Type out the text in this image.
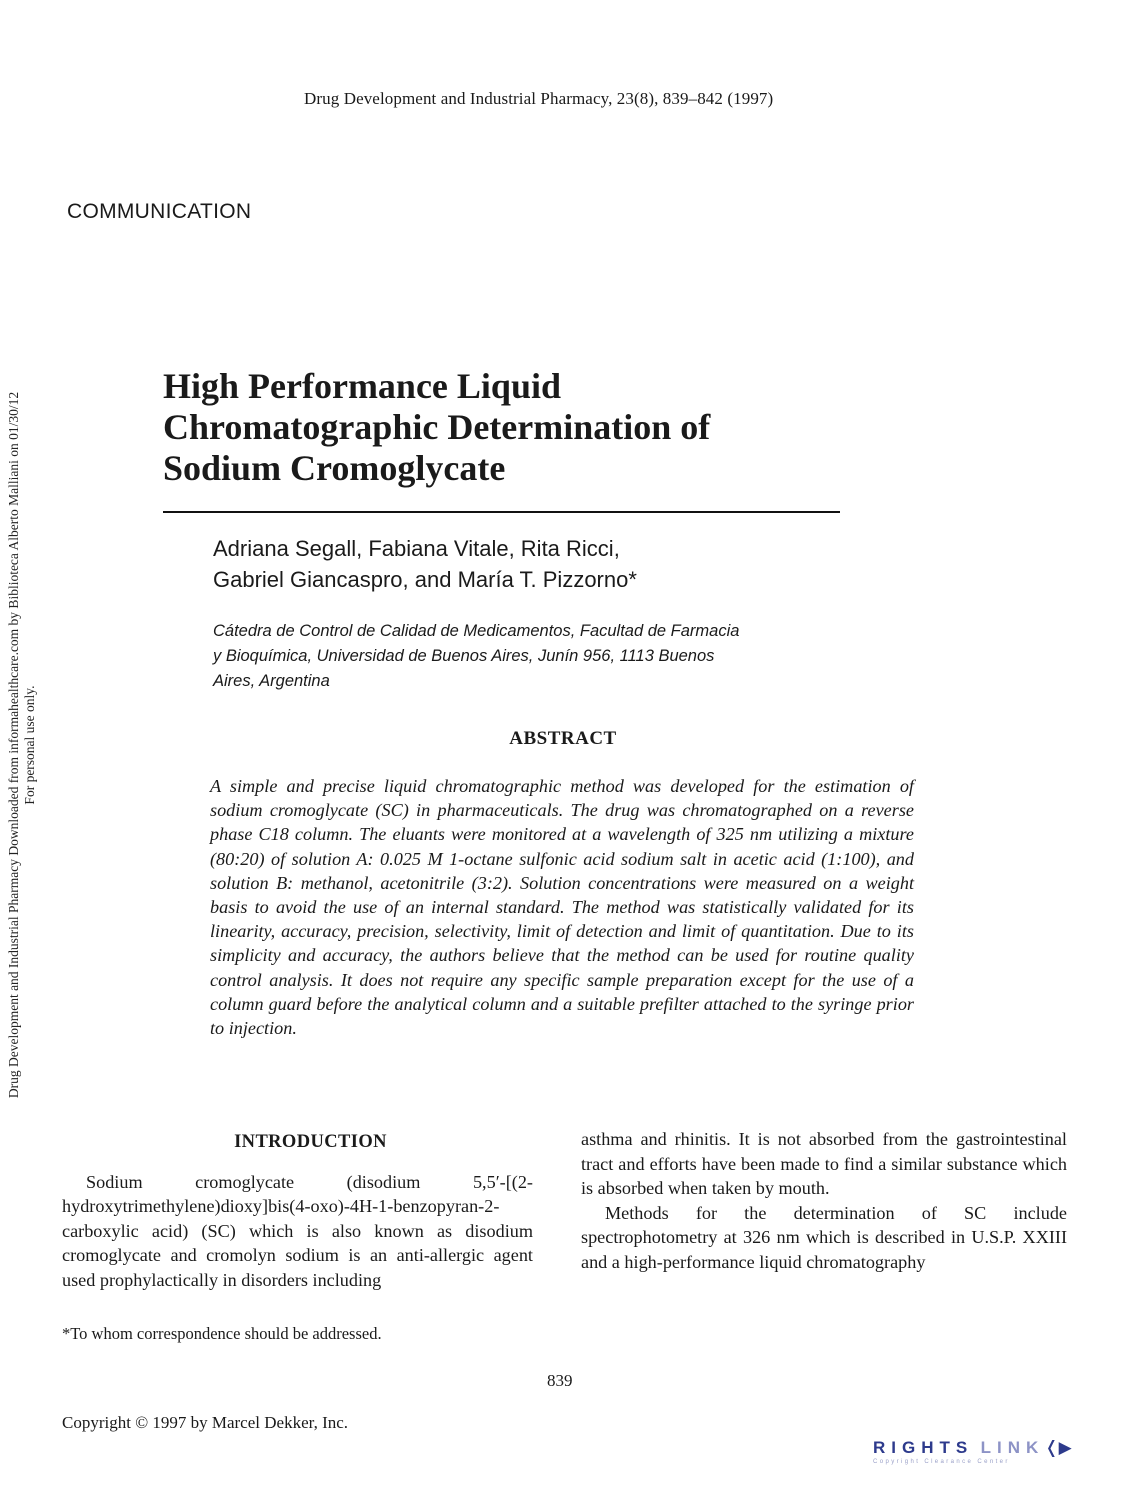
Drug Development and Industrial Pharmacy, 23(8), 839–842 (1997)
COMMUNICATION
Drug Development and Industrial Pharmacy Downloaded from informahealthcare.com by Biblioteca Alberto Malliani on 01/30/12 For personal use only.
High Performance Liquid
Chromatographic Determination of
Sodium Cromoglycate
Adriana Segall, Fabiana Vitale, Rita Ricci,
Gabriel Giancaspro, and María T. Pizzorno*
Cátedra de Control de Calidad de Medicamentos, Facultad de Farmacia
y Bioquímica, Universidad de Buenos Aires, Junín 956, 1113 Buenos
Aires, Argentina
ABSTRACT

A simple and precise liquid chromatographic method was developed for the estimation of sodium cromoglycate (SC) in pharmaceuticals. The drug was chromatographed on a reverse phase C18 column. The eluants were monitored at a wavelength of 325 nm utilizing a mixture (80:20) of solution A: 0.025 M 1-octane sulfonic acid sodium salt in acetic acid (1:100), and solution B: methanol, acetonitrile (3:2). Solution concentrations were measured on a weight basis to avoid the use of an internal standard. The method was statistically validated for its linearity, accuracy, precision, selectivity, limit of detection and limit of quantitation. Due to its simplicity and accuracy, the authors believe that the method can be used for routine quality control analysis. It does not require any specific sample preparation except for the use of a column guard before the analytical column and a suitable prefilter attached to the syringe prior to injection.

INTRODUCTION

Sodium cromoglycate (disodium 5,5′-[(2-hydroxytrimethylene)dioxy]bis(4-oxo)-4H-1-benzopyran-2-carboxylic acid) (SC) which is also known as disodium cromoglycate and cromolyn sodium is an anti-allergic agent used prophylactically in disorders including

asthma and rhinitis. It is not absorbed from the gastrointestinal tract and efforts have been made to find a similar substance which is absorbed when taken by mouth.

Methods for the determination of SC include spectrophotometry at 326 nm which is described in U.S.P. XXIII and a high-performance liquid chromatography

*To whom correspondence should be addressed.
839
Copyright © 1997 by Marcel Dekker, Inc.
RIGHTS  LINK❬▶
Copyright Clearance Center
